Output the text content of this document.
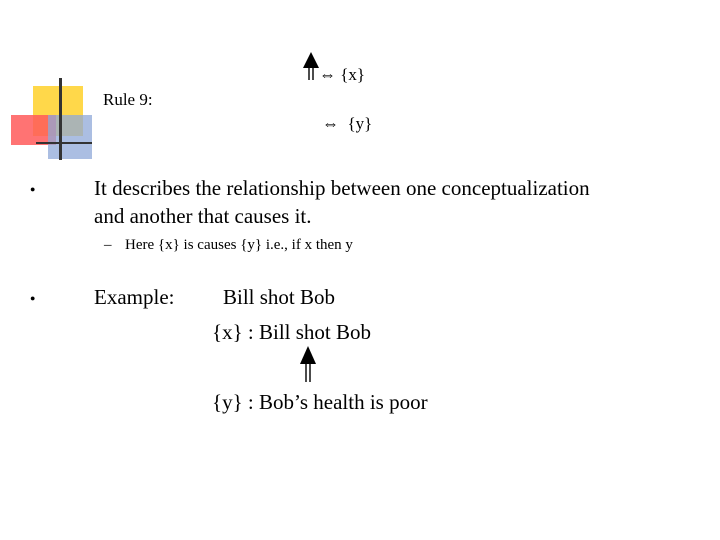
Rule 9:
⇔ {x}
⇔  {y}
●	It describes the relationship between one conceptualization
and another that causes it.
– Here {x} is causes {y} i.e., if x then y
●	Example: Bill shot Bob
{x} : Bill shot Bob
{y} : Bob’s health is poor
